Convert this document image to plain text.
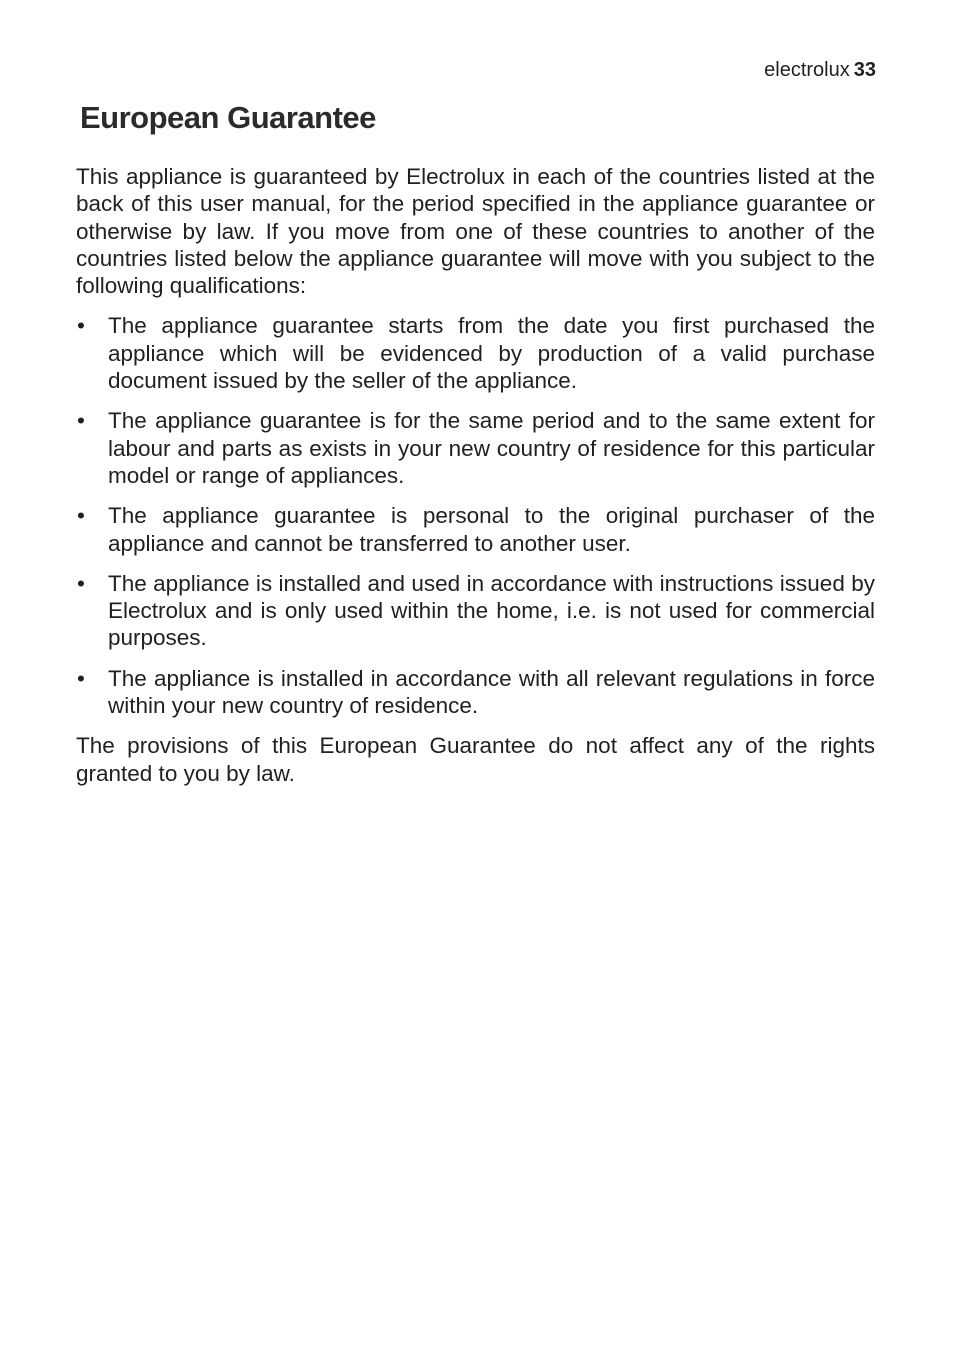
electrolux 33
European Guarantee

This appliance is guaranteed by Electrolux in each of the countries listed at the back of this user manual, for the period specified in the appliance guarantee or otherwise by law. If you move from one of these countries to another of the countries listed below the appliance guarantee will move with you subject to the following qualifications:

• The appliance guarantee starts from the date you first purchased the appliance which will be evidenced by production of a valid purchase document issued by the seller of the appliance.
• The appliance guarantee is for the same period and to the same extent for labour and parts as exists in your new country of residence for this particular model or range of appliances.
• The appliance guarantee is personal to the original purchaser of the appliance and cannot be transferred to another user.
• The appliance is installed and used in accordance with instructions issued by Electrolux and is only used within the home, i.e. is not used for commercial purposes.
• The appliance is installed in accordance with all relevant regulations in force within your new country of residence.

The provisions of this European Guarantee do not affect any of the rights granted to you by law.
